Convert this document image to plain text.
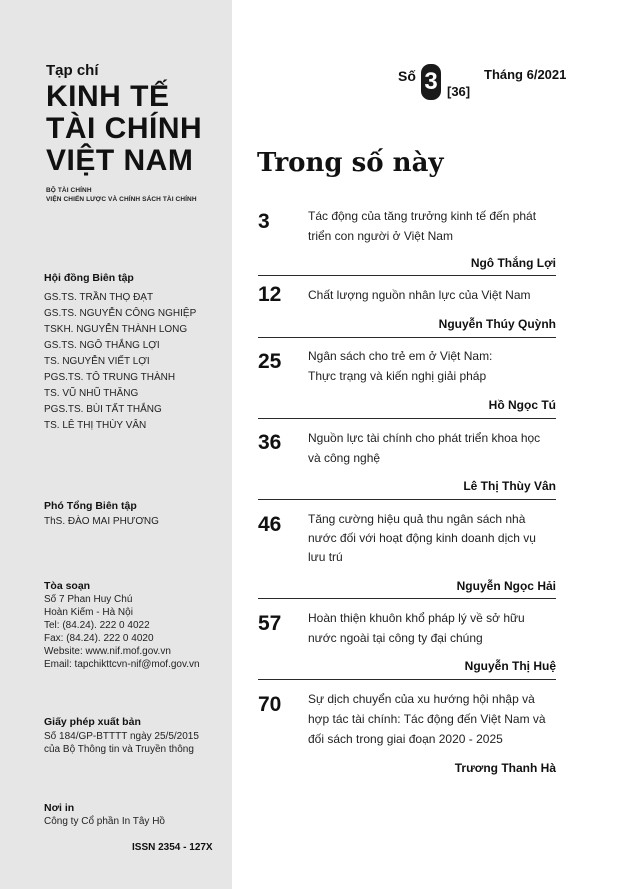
Tạp chí
KINH TẾ
TÀI CHÍNH
VIỆT NAM
BỘ TÀI CHÍNH
VIỆN CHIẾN LƯỢC VÀ CHÍNH SÁCH TÀI CHÍNH
Hội đồng Biên tập
GS.TS. TRẦN THỌ ĐẠT
GS.TS. NGUYỄN CÔNG NGHIỆP
TSKH. NGUYỄN THÀNH LONG
GS.TS. NGÔ THẮNG LỢI
TS. NGUYỄN VIẾT LỢI
PGS.TS. TÔ TRUNG THÀNH
TS. VŨ NHŨ THĂNG
PGS.TS. BÙI TẤT THẮNG
TS. LÊ THỊ THÙY VÂN
Phó Tổng Biên tập
ThS. ĐÀO MAI PHƯƠNG
Tòa soạn
Số 7 Phan Huy Chú
Hoàn Kiếm - Hà Nội
Tel: (84.24). 222 0 4022
Fax: (84.24). 222 0 4020
Website: www.nif.mof.gov.vn
Email: tapchikttcvn-nif@mof.gov.vn
Giấy phép xuất bản
Số 184/GP-BTTTT ngày 25/5/2015
của Bộ Thông tin và Truyền thông
Nơi in
Công ty Cổ phần In Tây Hồ
ISSN 2354 - 127X
Số 3 [36]
Tháng 6/2021
Trong số này
3	Tác động của tăng trưởng kinh tế đến phát
triển con người ở Việt Nam
Ngô Thắng Lợi
12 Chất lượng nguồn nhân lực của Việt Nam
Nguyễn Thúy Quỳnh
25 Ngân sách cho trẻ em ở Việt Nam:
Thực trạng và kiến nghị giải pháp
Hồ Ngọc Tú
36 Nguồn lực tài chính cho phát triển khoa học
và công nghệ
Lê Thị Thùy Vân
46 Tăng cường hiệu quả thu ngân sách nhà
nước đối với hoạt động kinh doanh dịch vụ
lưu trú
Nguyễn Ngọc Hải
57 Hoàn thiện khuôn khổ pháp lý về sở hữu
nước ngoài tại công ty đại chúng
Nguyễn Thị Huệ
70 Sự dịch chuyển của xu hướng hội nhập và
hợp tác tài chính: Tác động đến Việt Nam và
đối sách trong giai đoạn 2020 - 2025
Trương Thanh Hà
